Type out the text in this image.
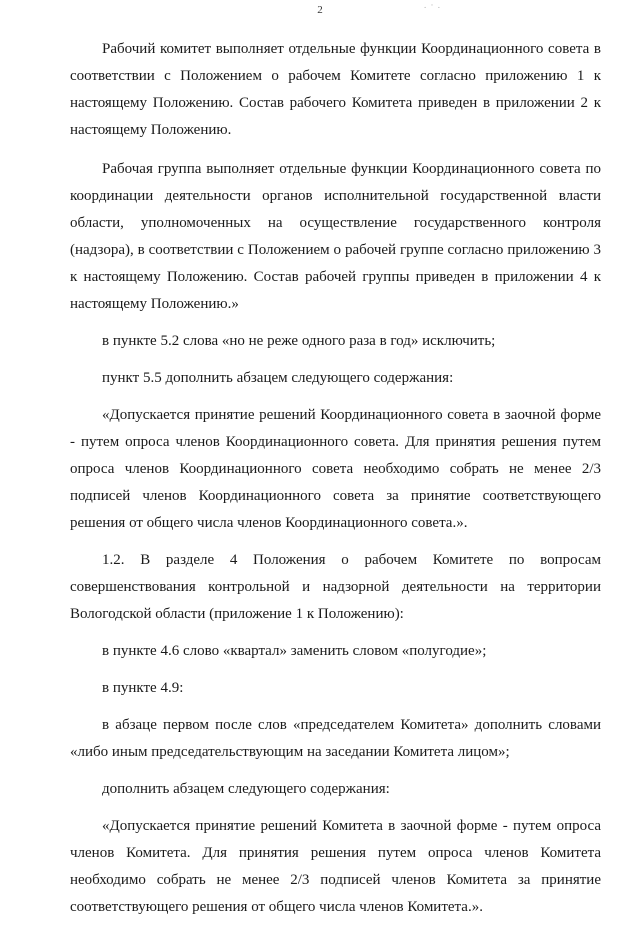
. · .
2

Рабочий комитет выполняет отдельные функции Координационного совета в соответствии с Положением о рабочем Комитете согласно приложению 1 к настоящему Положению. Состав рабочего Комитета приведен в приложении 2 к настоящему Положению.

Рабочая группа выполняет отдельные функции Координационного совета по координации деятельности органов исполнительной государственной власти области, уполномоченных на осуществление государственного контроля (надзора), в соответствии с Положением о рабочей группе согласно приложению 3 к настоящему Положению. Состав рабочей группы приведен в приложении 4 к настоящему Положению.»

в пункте 5.2 слова «но не реже одного раза в год» исключить;

пункт 5.5 дополнить абзацем следующего содержания:

«Допускается принятие решений Координационного совета в заочной форме - путем опроса членов Координационного совета. Для принятия решения путем опроса членов Координационного совета необходимо собрать не менее 2/3 подписей членов Координационного совета за принятие соответствующего решения от общего числа членов Координационного совета.».

1.2. В разделе 4 Положения о рабочем Комитете по вопросам совершенствования контрольной и надзорной деятельности на территории Вологодской области (приложение 1 к Положению):

в пункте 4.6 слово «квартал» заменить словом «полугодие»;

в пункте 4.9:

в абзаце первом после слов «председателем Комитета» дополнить словами «либо иным председательствующим на заседании Комитета лицом»;

дополнить абзацем следующего содержания:

«Допускается принятие решений Комитета в заочной форме - путем опроса членов Комитета. Для принятия решения путем опроса членов Комитета необходимо собрать не менее 2/3 подписей членов Комитета за принятие соответствующего решения от общего числа членов Комитета.».
